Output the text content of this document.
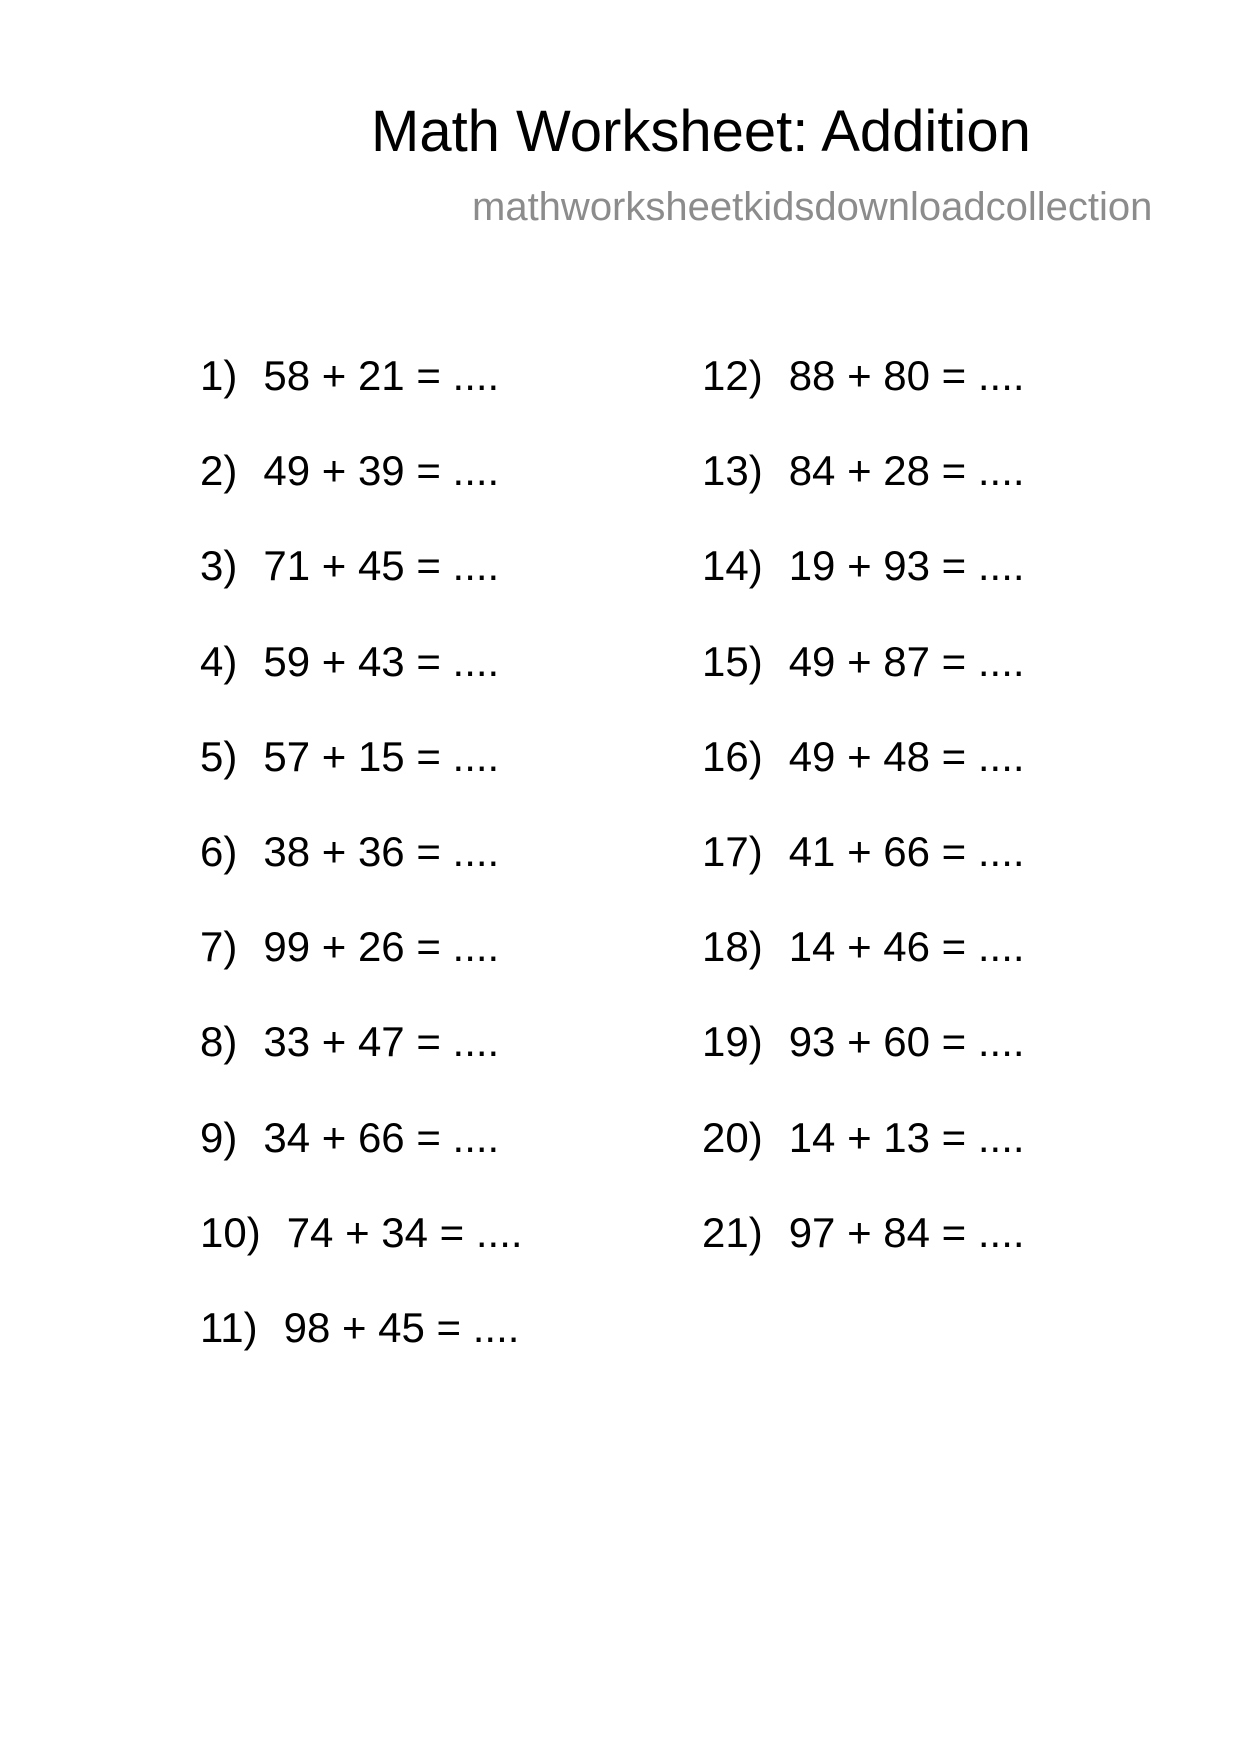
Math Worksheet: Addition
mathworksheetkidsdownloadcollection
1) 58 + 21 = ....
2) 49 + 39 = ....
3) 71 + 45 = ....
4) 59 + 43 = ....
5) 57 + 15 = ....
6) 38 + 36 = ....
7) 99 + 26 = ....
8) 33 + 47 = ....
9) 34 + 66 = ....
10) 74 + 34 = ....
11) 98 + 45 = ....
12) 88 + 80 = ....
13) 84 + 28 = ....
14) 19 + 93 = ....
15) 49 + 87 = ....
16) 49 + 48 = ....
17) 41 + 66 = ....
18) 14 + 46 = ....
19) 93 + 60 = ....
20) 14 + 13 = ....
21) 97 + 84 = ....
